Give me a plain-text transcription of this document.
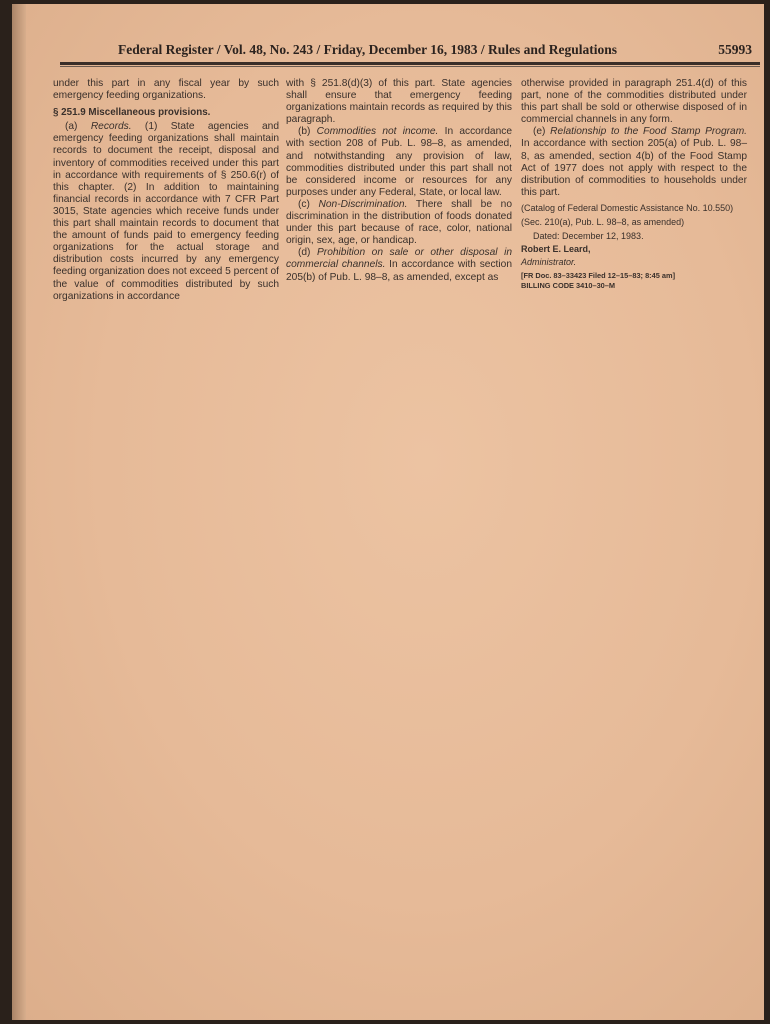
Federal Register / Vol. 48, No. 243 / Friday, December 16, 1983 / Rules and Regulations	55993

under this part in any fiscal year by such emergency feeding organizations.

§ 251.9 Miscellaneous provisions.

(a) Records. (1) State agencies and emergency feeding organizations shall maintain records to document the receipt, disposal and inventory of commodities received under this part in accordance with requirements of § 250.6(r) of this chapter. (2) In addition to maintaining financial records in accordance with 7 CFR Part 3015, State agencies which receive funds under this part shall maintain records to document that the amount of funds paid to emergency feeding organizations for the actual storage and distribution costs incurred by any emergency feeding organization does not exceed 5 percent of the value of commodities distributed by such organizations in accordance

with § 251.8(d)(3) of this part. State agencies shall ensure that emergency feeding organizations maintain records as required by this paragraph.

(b) Commodities not income. In accordance with section 208 of Pub. L. 98–8, as amended, and notwithstanding any provision of law, commodities distributed under this part shall not be considered income or resources for any purposes under any Federal, State, or local law.

(c) Non-Discrimination. There shall be no discrimination in the distribution of foods donated under this part because of race, color, national origin, sex, age, or handicap.

(d) Prohibition on sale or other disposal in commercial channels. In accordance with section 205(b) of Pub. L. 98–8, as amended, except as

otherwise provided in paragraph 251.4(d) of this part, none of the commodities distributed under this part shall be sold or otherwise disposed of in commercial channels in any form.

(e) Relationship to the Food Stamp Program. In accordance with section 205(a) of Pub. L. 98–8, as amended, section 4(b) of the Food Stamp Act of 1977 does not apply with respect to the distribution of commodities to households under this part.

(Catalog of Federal Domestic Assistance No. 10.550)

(Sec. 210(a), Pub. L. 98–8, as amended)

Dated: December 12, 1983.

Robert E. Leard,

Administrator.

[FR Doc. 83–33423 Filed 12–15–83; 8:45 am]

BILLING CODE 3410–30–M
